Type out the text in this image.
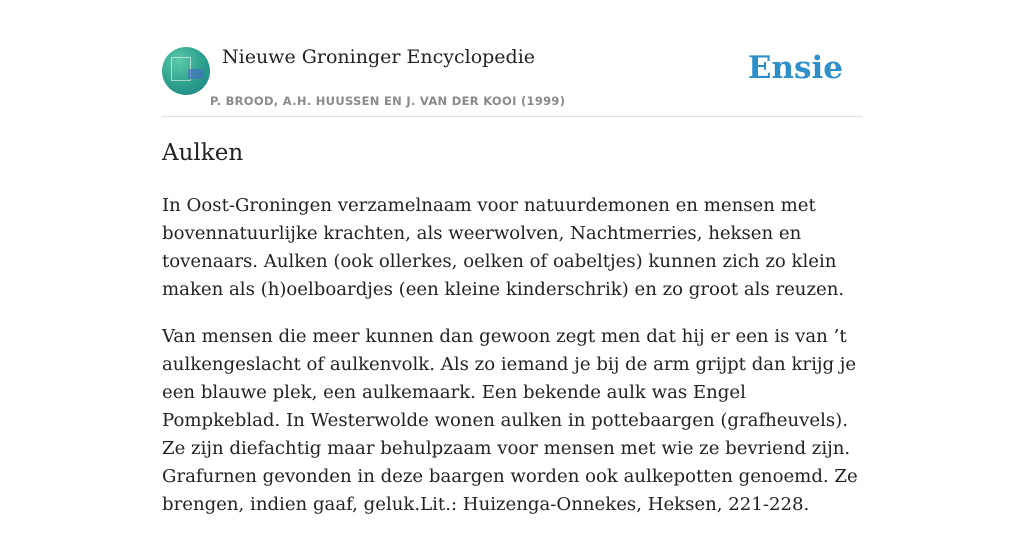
Nieuwe Groninger Encyclopedie
P. BROOD, A.H. HUUSSEN EN J. VAN DER KOOI (1999)
Ensie
Aulken

In Oost-Groningen verzamelnaam voor natuurdemonen en mensen met bovennatuurlijke krachten, als weerwolven, Nachtmerries, heksen en tovenaars. Aulken (ook ollerkes, oelken of oabeltjes) kunnen zich zo klein maken als (h)oelboardjes (een kleine kinderschrik) en zo groot als reuzen.

Van mensen die meer kunnen dan gewoon zegt men dat hij er een is van ’t aulkengeslacht of aulkenvolk. Als zo iemand je bij de arm grijpt dan krijg je een blauwe plek, een aulkemaark. Een bekende aulk was Engel Pompkeblad. In Westerwolde wonen aulken in pottebaargen (grafheuvels). Ze zijn diefachtig maar behulpzaam voor mensen met wie ze bevriend zijn. Grafurnen gevonden in deze baargen worden ook aulkepotten genoemd. Ze brengen, indien gaaf, geluk.Lit.: Huizenga-Onnekes, Heksen, 221-228.
